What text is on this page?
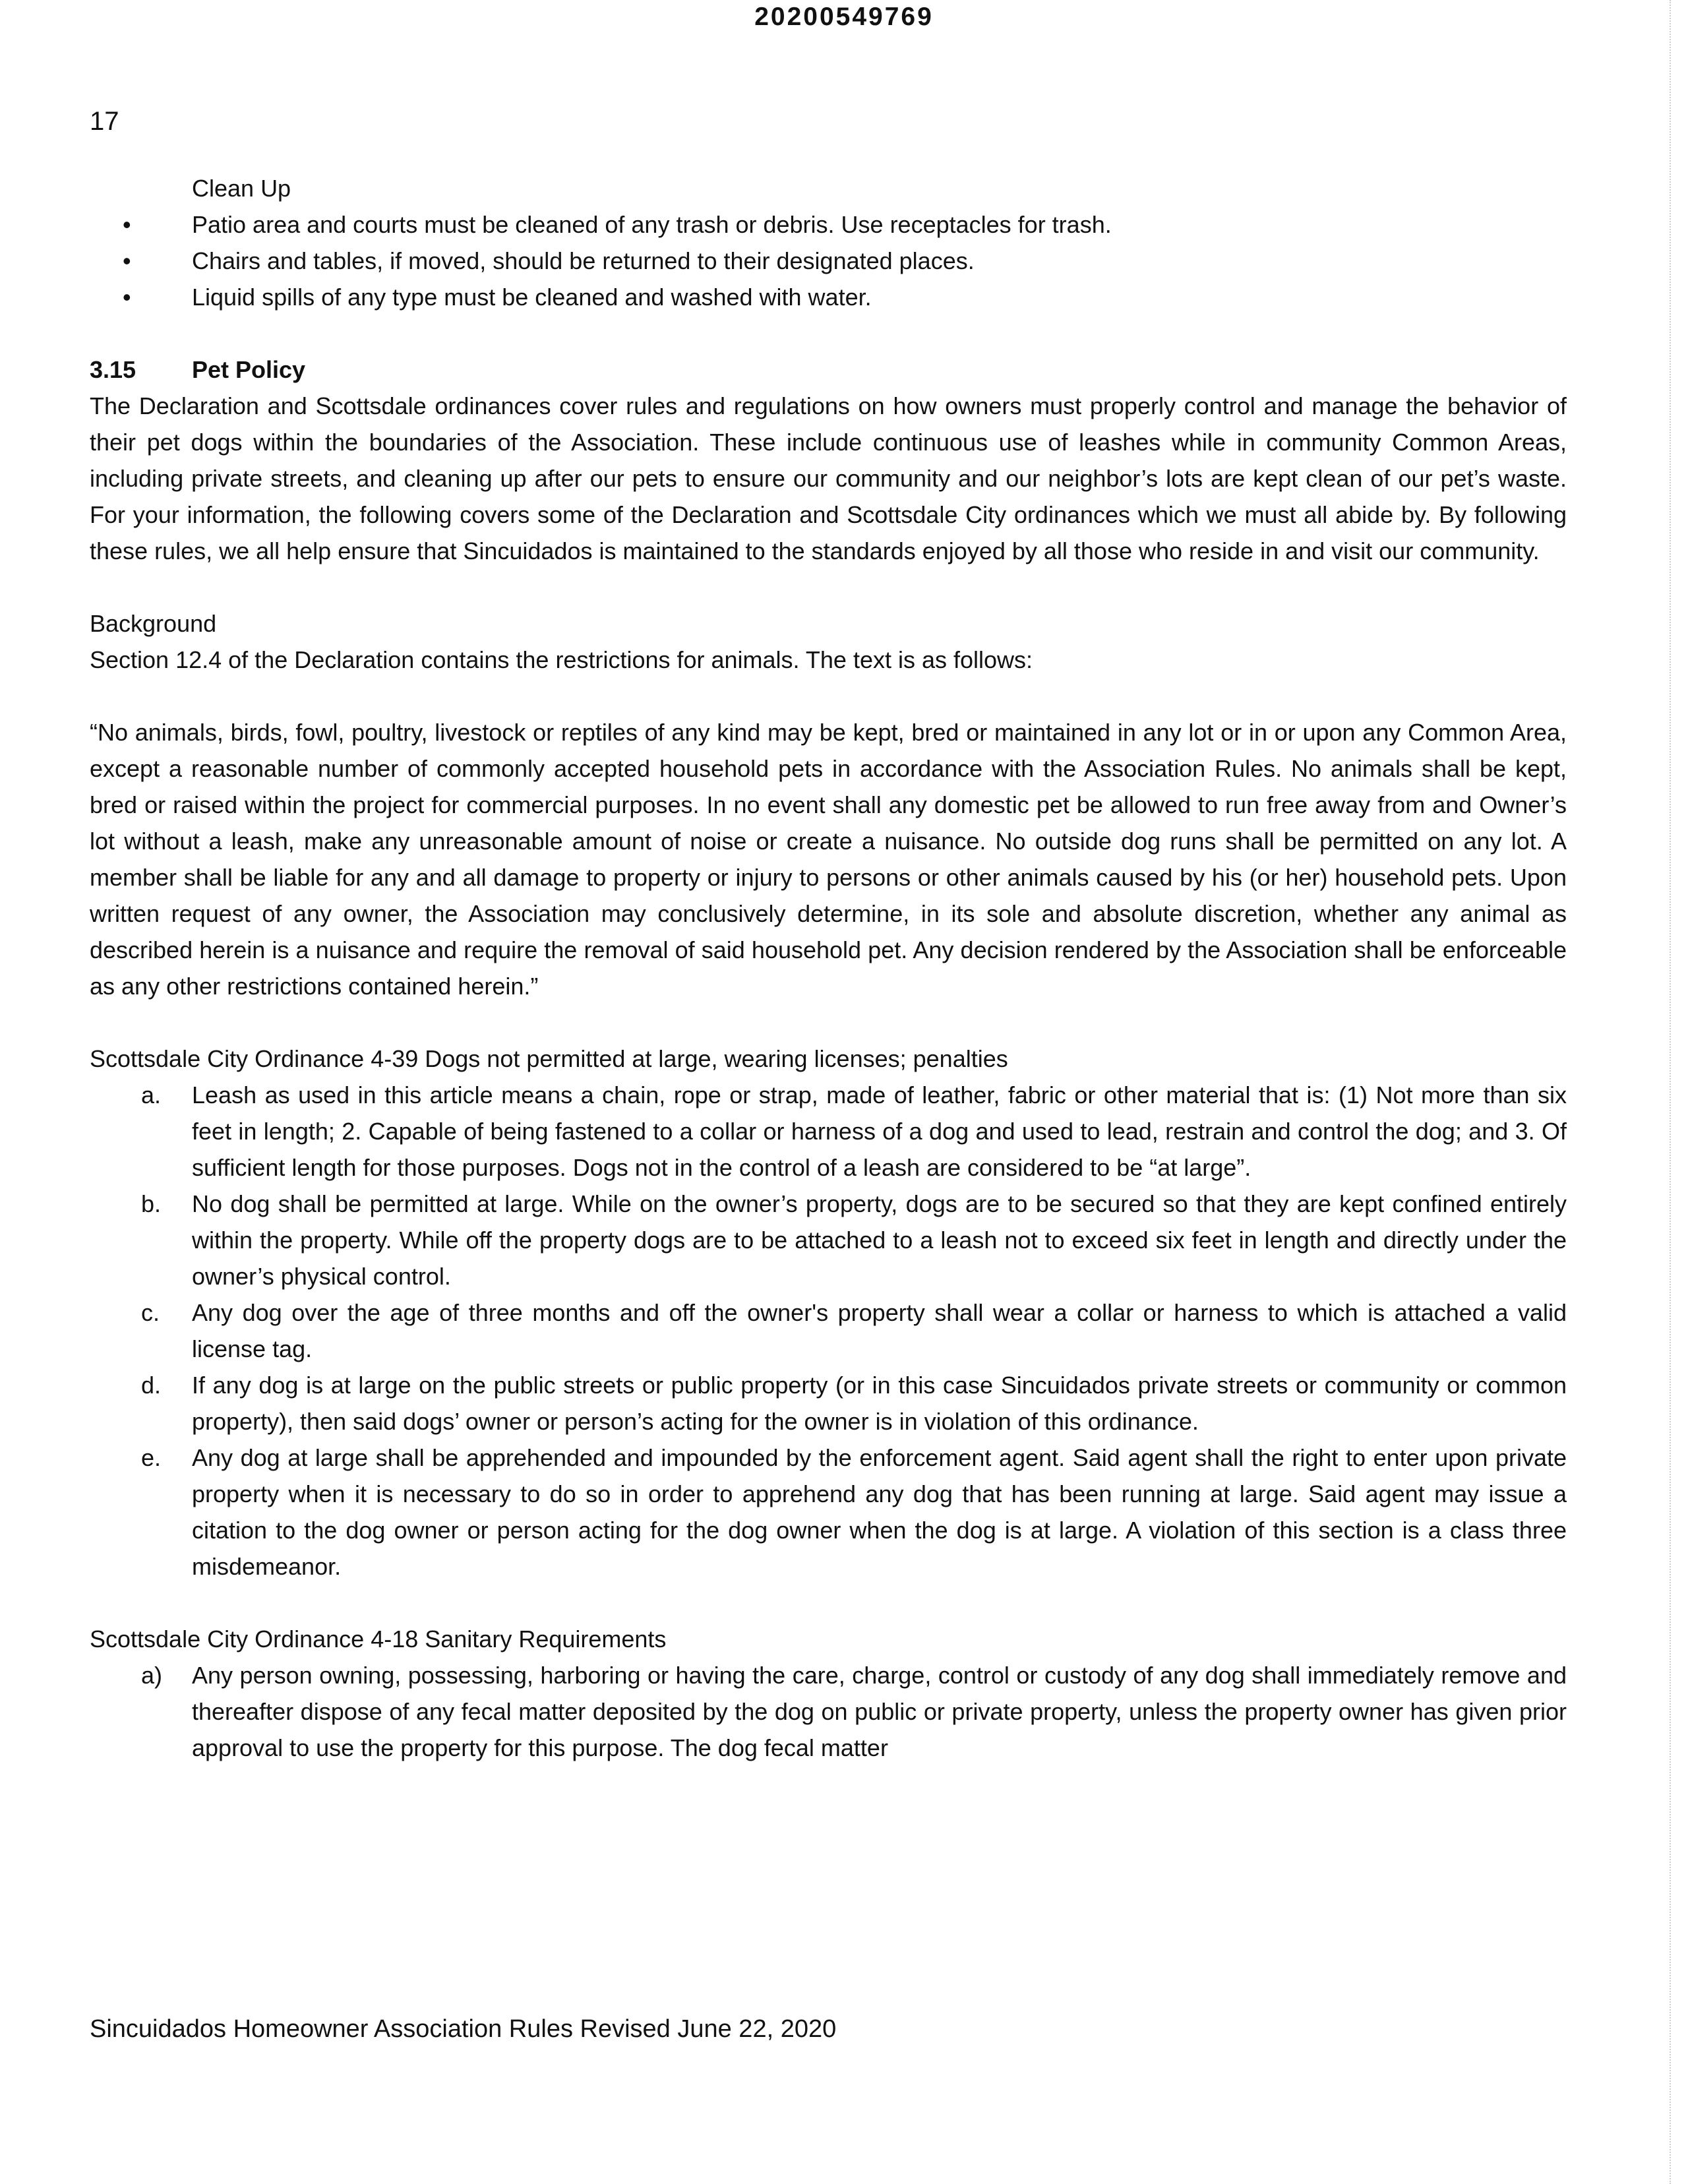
20200549769
17
Clean Up
•	Patio area and courts must be cleaned of any trash or debris. Use receptacles for trash.
•	Chairs and tables, if moved, should be returned to their designated places.
•	Liquid spills of any type must be cleaned and washed with water.
3.15 Pet Policy
The Declaration and Scottsdale ordinances cover rules and regulations on how owners must properly control and manage the behavior of their pet dogs within the boundaries of the Association. These include continuous use of leashes while in community Common Areas, including private streets, and cleaning up after our pets to ensure our community and our neighbor’s lots are kept clean of our pet’s waste. For your information, the following covers some of the Declaration and Scottsdale City ordinances which we must all abide by. By following these rules, we all help ensure that Sincuidados is maintained to the standards enjoyed by all those who reside in and visit our community.
Background
Section 12.4 of the Declaration contains the restrictions for animals. The text is as follows:
“No animals, birds, fowl, poultry, livestock or reptiles of any kind may be kept, bred or maintained in any lot or in or upon any Common Area, except a reasonable number of commonly accepted household pets in accordance with the Association Rules. No animals shall be kept, bred or raised within the project for commercial purposes. In no event shall any domestic pet be allowed to run free away from and Owner’s lot without a leash, make any unreasonable amount of noise or create a nuisance. No outside dog runs shall be permitted on any lot. A member shall be liable for any and all damage to property or injury to persons or other animals caused by his (or her) household pets. Upon written request of any owner, the Association may conclusively determine, in its sole and absolute discretion, whether any animal as described herein is a nuisance and require the removal of said household pet. Any decision rendered by the Association shall be enforceable as any other restrictions contained herein.”
Scottsdale City Ordinance 4-39 Dogs not permitted at large, wearing licenses; penalties
a. Leash as used in this article means a chain, rope or strap, made of leather, fabric or other material that is: (1) Not more than six feet in length; 2. Capable of being fastened to a collar or harness of a dog and used to lead, restrain and control the dog; and 3. Of sufficient length for those purposes. Dogs not in the control of a leash are considered to be “at large”.
b. No dog shall be permitted at large. While on the owner’s property, dogs are to be secured so that they are kept confined entirely within the property. While off the property dogs are to be attached to a leash not to exceed six feet in length and directly under the owner’s physical control.
c. Any dog over the age of three months and off the owner's property shall wear a collar or harness to which is attached a valid license tag.
d. If any dog is at large on the public streets or public property (or in this case Sincuidados private streets or community or common property), then said dogs’ owner or person’s acting for the owner is in violation of this ordinance.
e. Any dog at large shall be apprehended and impounded by the enforcement agent. Said agent shall the right to enter upon private property when it is necessary to do so in order to apprehend any dog that has been running at large. Said agent may issue a citation to the dog owner or person acting for the dog owner when the dog is at large. A violation of this section is a class three misdemeanor.
Scottsdale City Ordinance 4-18 Sanitary Requirements
a) Any person owning, possessing, harboring or having the care, charge, control or custody of any dog shall immediately remove and thereafter dispose of any fecal matter deposited by the dog on public or private property, unless the property owner has given prior approval to use the property for this purpose. The dog fecal matter
Sincuidados Homeowner Association Rules Revised June 22, 2020
